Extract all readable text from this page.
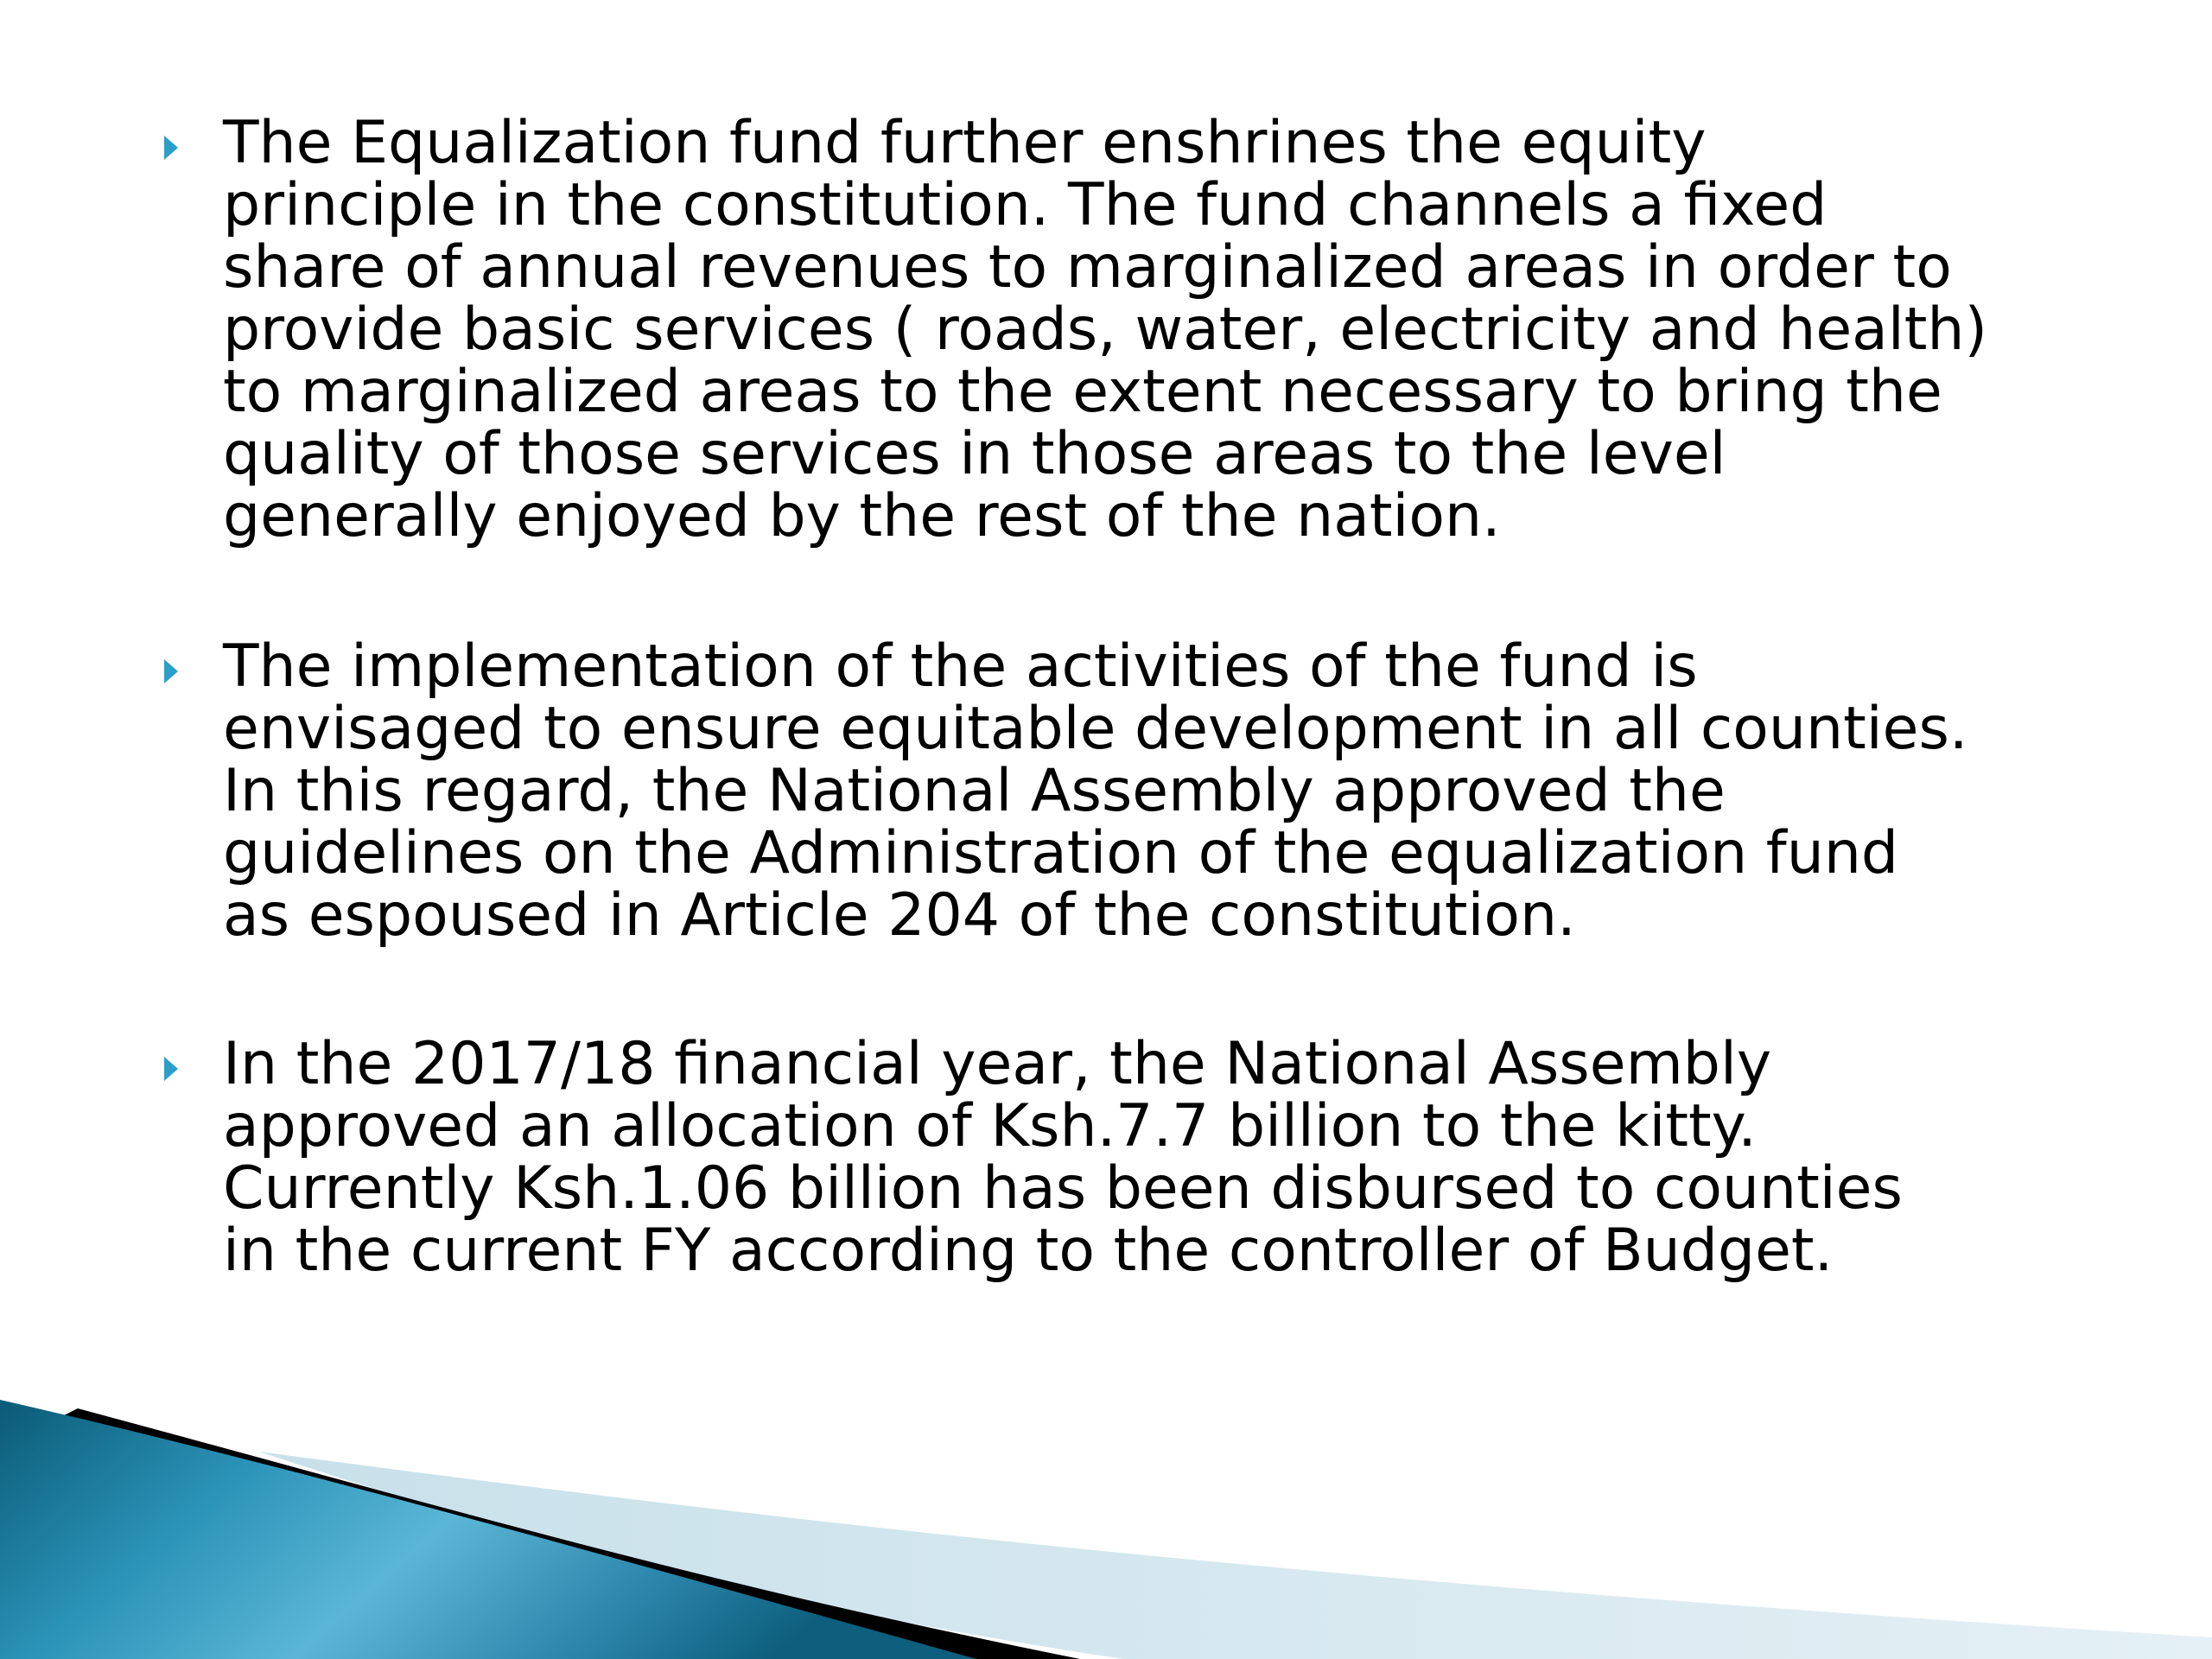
The Equalization fund further enshrines the equity
principle in the constitution. The fund channels a fixed
share of annual revenues to marginalized areas in order to
provide basic services ( roads, water, electricity and health)
to marginalized areas to the extent necessary to bring the
quality of those services in those areas to the level
generally enjoyed by the rest of the nation.
The implementation of the activities of the fund is
envisaged to ensure equitable development in all counties.
In this regard, the National Assembly approved the
guidelines on the Administration of the equalization fund
as espoused in Article 204 of the constitution.
In the 2017/18 financial year, the National Assembly
approved an allocation of Ksh.7.7 billion to the kitty.
Currently Ksh.1.06 billion has been disbursed to counties
in the current FY according to the controller of Budget.
